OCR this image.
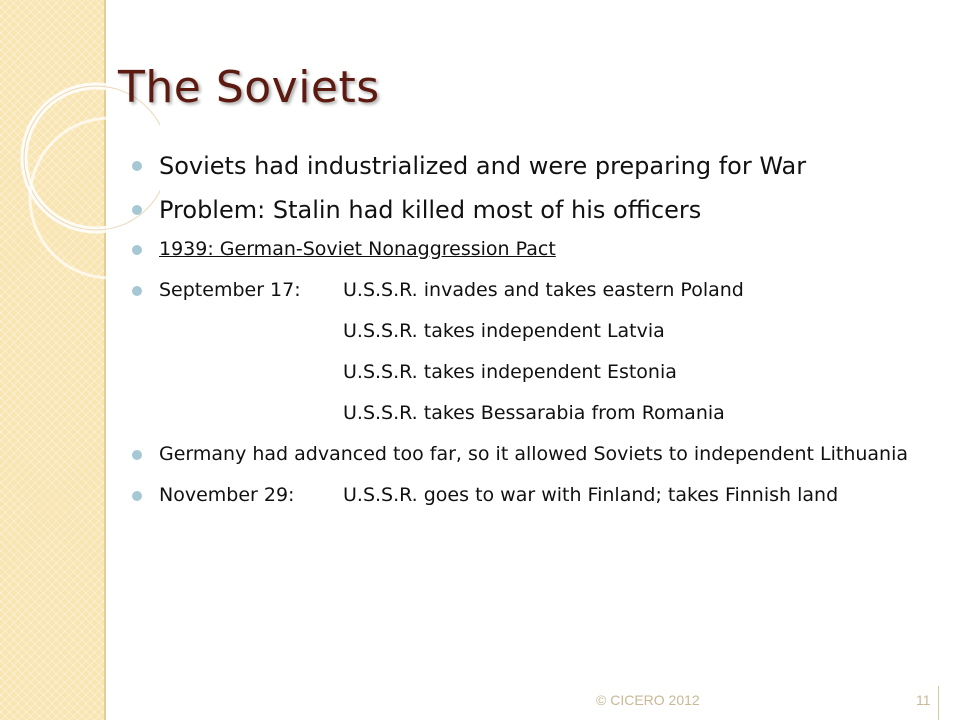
The Soviets
Soviets had industrialized and were preparing for War
Problem: Stalin had killed most of his officers
1939: German-Soviet Nonaggression Pact
September 17: U.S.S.R. invades and takes eastern Poland
U.S.S.R. takes independent Latvia
U.S.S.R. takes independent Estonia
U.S.S.R. takes Bessarabia from Romania
Germany had advanced too far, so it allowed Soviets to independent Lithuania
November 29:	U.S.S.R. goes to war with Finland; takes Finnish land
© CICERO 2012	11
